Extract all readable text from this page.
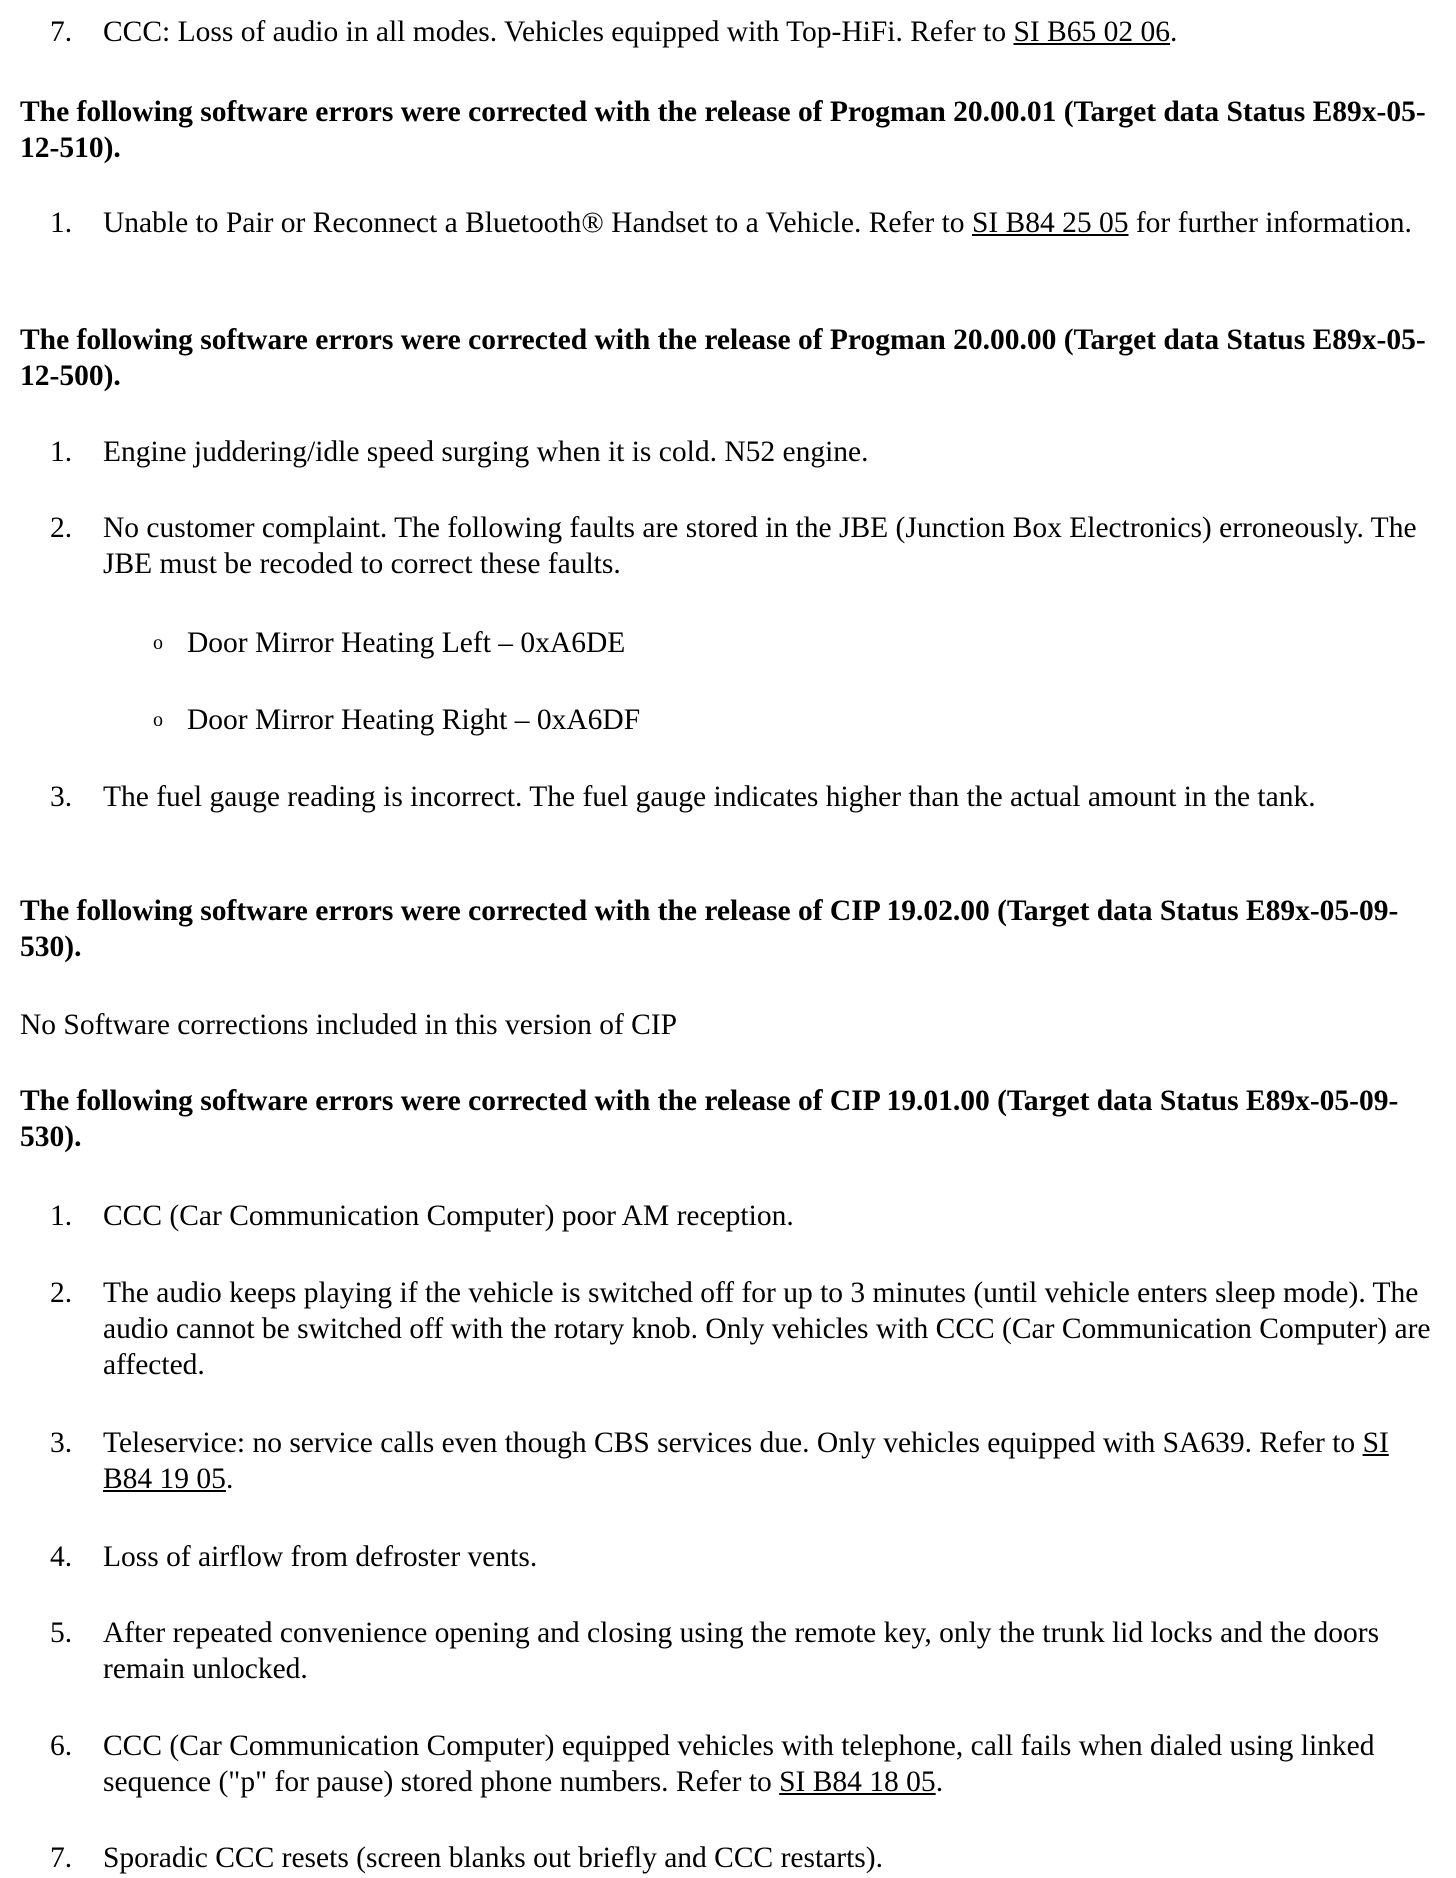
7.	CCC: Loss of audio in all modes. Vehicles equipped with Top-HiFi. Refer to SI B65 02 06.
The following software errors were corrected with the release of Progman 20.00.01 (Target data Status E89x-05-12-510).
1.	Unable to Pair or Reconnect a Bluetooth® Handset to a Vehicle. Refer to SI B84 25 05 for further information.
The following software errors were corrected with the release of Progman 20.00.00 (Target data Status E89x-05-12-500).
1.	Engine juddering/idle speed surging when it is cold. N52 engine.
2.	No customer complaint. The following faults are stored in the JBE (Junction Box Electronics) erroneously. The JBE must be recoded to correct these faults.
o Door Mirror Heating Left – 0xA6DE
o Door Mirror Heating Right – 0xA6DF
3.	The fuel gauge reading is incorrect. The fuel gauge indicates higher than the actual amount in the tank.
The following software errors were corrected with the release of CIP 19.02.00 (Target data Status E89x-05-09-530).
No Software corrections included in this version of CIP
The following software errors were corrected with the release of CIP 19.01.00 (Target data Status E89x-05-09-530).
1.	CCC (Car Communication Computer) poor AM reception.
2.	The audio keeps playing if the vehicle is switched off for up to 3 minutes (until vehicle enters sleep mode). The audio cannot be switched off with the rotary knob. Only vehicles with CCC (Car Communication Computer) are affected.
3.	Teleservice: no service calls even though CBS services due. Only vehicles equipped with SA639. Refer to SI B84 19 05.
4.	Loss of airflow from defroster vents.
5.	After repeated convenience opening and closing using the remote key, only the trunk lid locks and the doors remain unlocked.
6.	CCC (Car Communication Computer) equipped vehicles with telephone, call fails when dialed using linked sequence ("p" for pause) stored phone numbers. Refer to SI B84 18 05.
7.	Sporadic CCC resets (screen blanks out briefly and CCC restarts).
